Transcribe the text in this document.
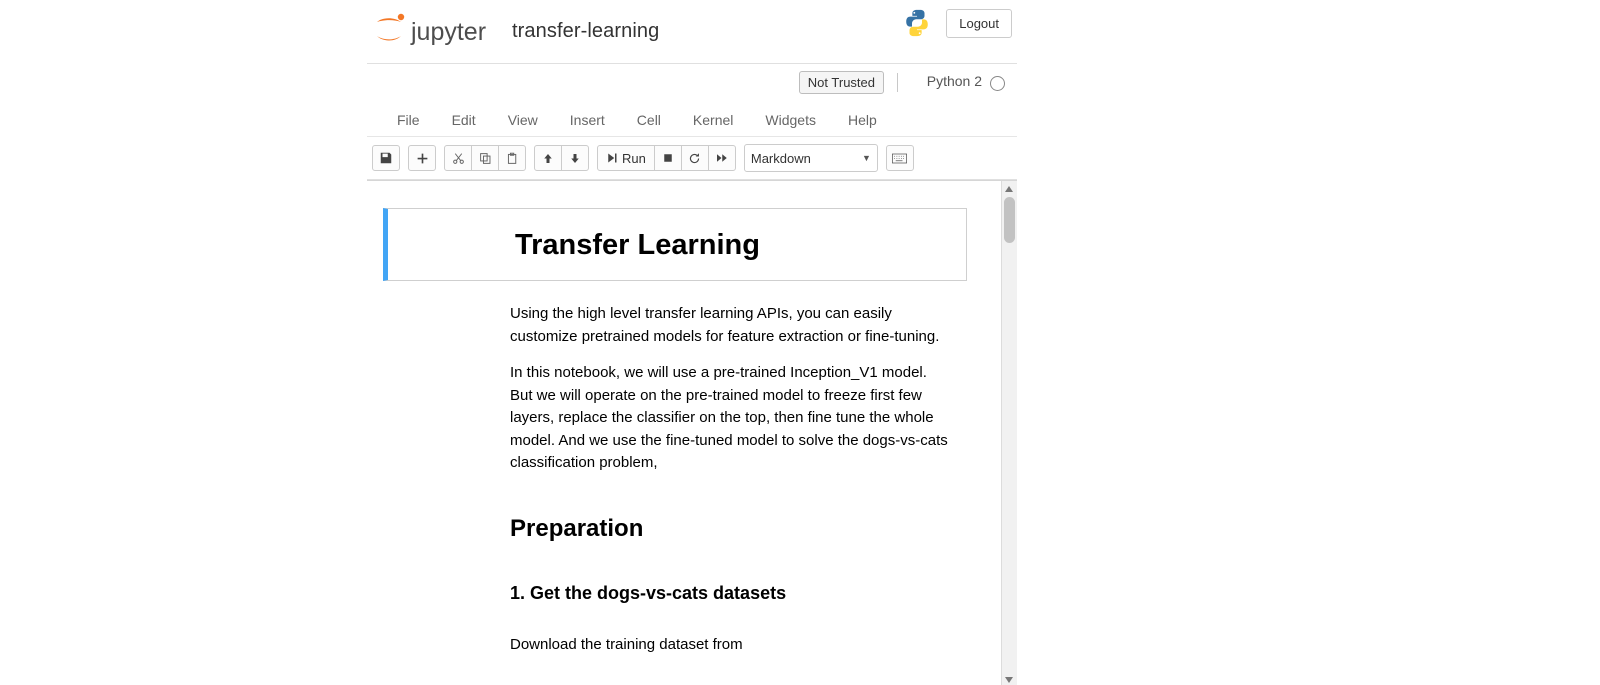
jupyter transfer-learning	Logout
Not Trusted	Python 2
File	Edit	View	Insert	Cell	Kernel	Widgets	Help
Run	Markdown	▼
Transfer Learning

Using the high level transfer learning APIs, you can easily customize pretrained models for feature extraction or fine-tuning.

In this notebook, we will use a pre-trained Inception_V1 model. But we will operate on the pre-trained model to freeze first few layers, replace the classifier on the top, then fine tune the whole model. And we use the fine-tuned model to solve the dogs-vs-cats classification problem,

Preparation
1. Get the dogs-vs-cats datasets

Download the training dataset from
